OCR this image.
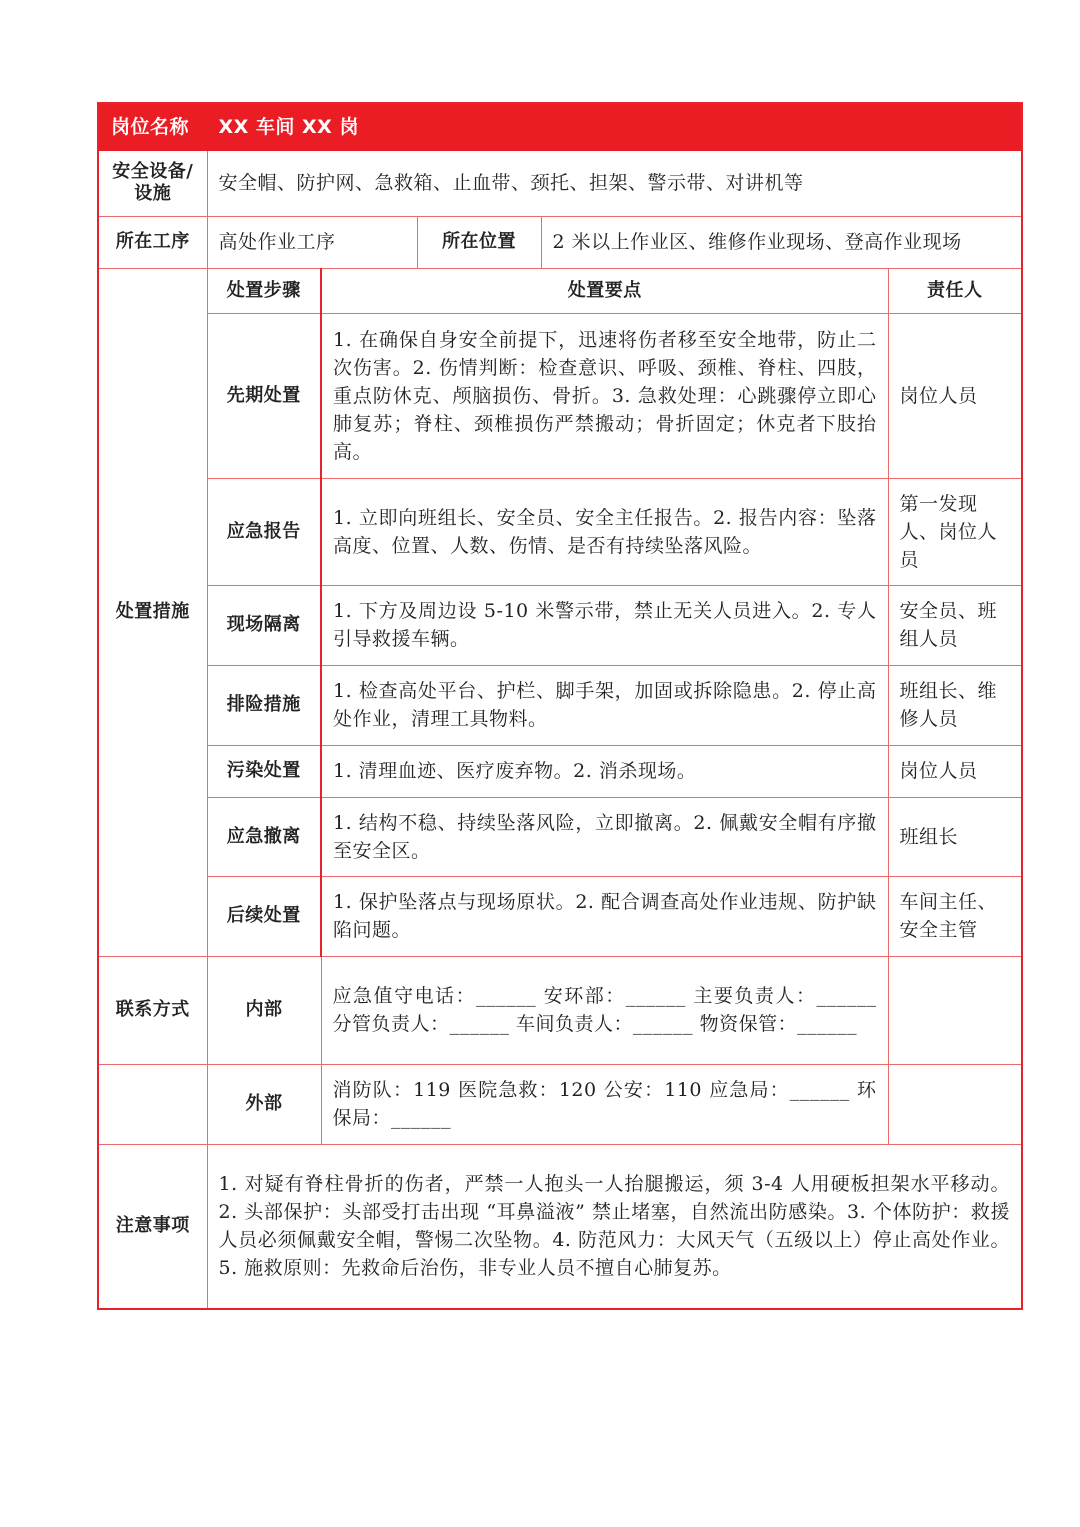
岗位名称	XX 车间 XX 岗				
安全设备/设施	安全帽、防护网、急救箱、止血带、颈托、担架、警示带、对讲机等				
所在工序	高处作业工序		所在位置	2 米以上作业区、维修作业现场、登高作业现场	
处置措施	处置步骤	处置要点			责任人
	先期处置	1. 在确保自身安全前提下，迅速将伤者移至安全地带，防止二次伤害。2. 伤情判断：检查意识、呼吸、颈椎、脊柱、四肢，重点防休克、颅脑损伤、骨折。3. 急救处理：心跳骤停立即心肺复苏；脊柱、颈椎损伤严禁搬动；骨折固定；休克者下肢抬高。			岗位人员
	应急报告	1. 立即向班组长、安全员、安全主任报告。2. 报告内容：坠落高度、位置、人数、伤情、是否有持续坠落风险。			第一发现人、岗位人员
	现场隔离	1. 下方及周边设 5-10 米警示带，禁止无关人员进入。2. 专人引导救援车辆。			安全员、班组人员
	排险措施	1. 检查高处平台、护栏、脚手架，加固或拆除隐患。2. 停止高处作业，清理工具物料。			班组长、维修人员
	污染处置	1. 清理血迹、医疗废弃物。2. 消杀现场。			岗位人员
	应急撤离	1. 结构不稳、持续坠落风险，立即撤离。2. 佩戴安全帽有序撤至安全区。			班组长
	后续处置	1. 保护坠落点与现场原状。2. 配合调查高处作业违规、防护缺陷问题。			车间主任、安全主管
联系方式	内部	应急值守电话：______ 安环部：______ 主要负责人：______ 分管负责人：______ 车间负责人：______ 物资保管：______			
	外部	消防队：119 医院急救：120 公安：110 应急局：______ 环保局：______			
注意事项	1. 对疑有脊柱骨折的伤者，严禁一人抱头一人抬腿搬运，须 3-4 人用硬板担架水平移动。2. 头部保护：头部受打击出现 “耳鼻溢液” 禁止堵塞，自然流出防感染。3. 个体防护：救援人员必须佩戴安全帽，警惕二次坠物。4. 防范风力：大风天气（五级以上）停止高处作业。5. 施救原则：先救命后治伤，非专业人员不擅自心肺复苏。				
